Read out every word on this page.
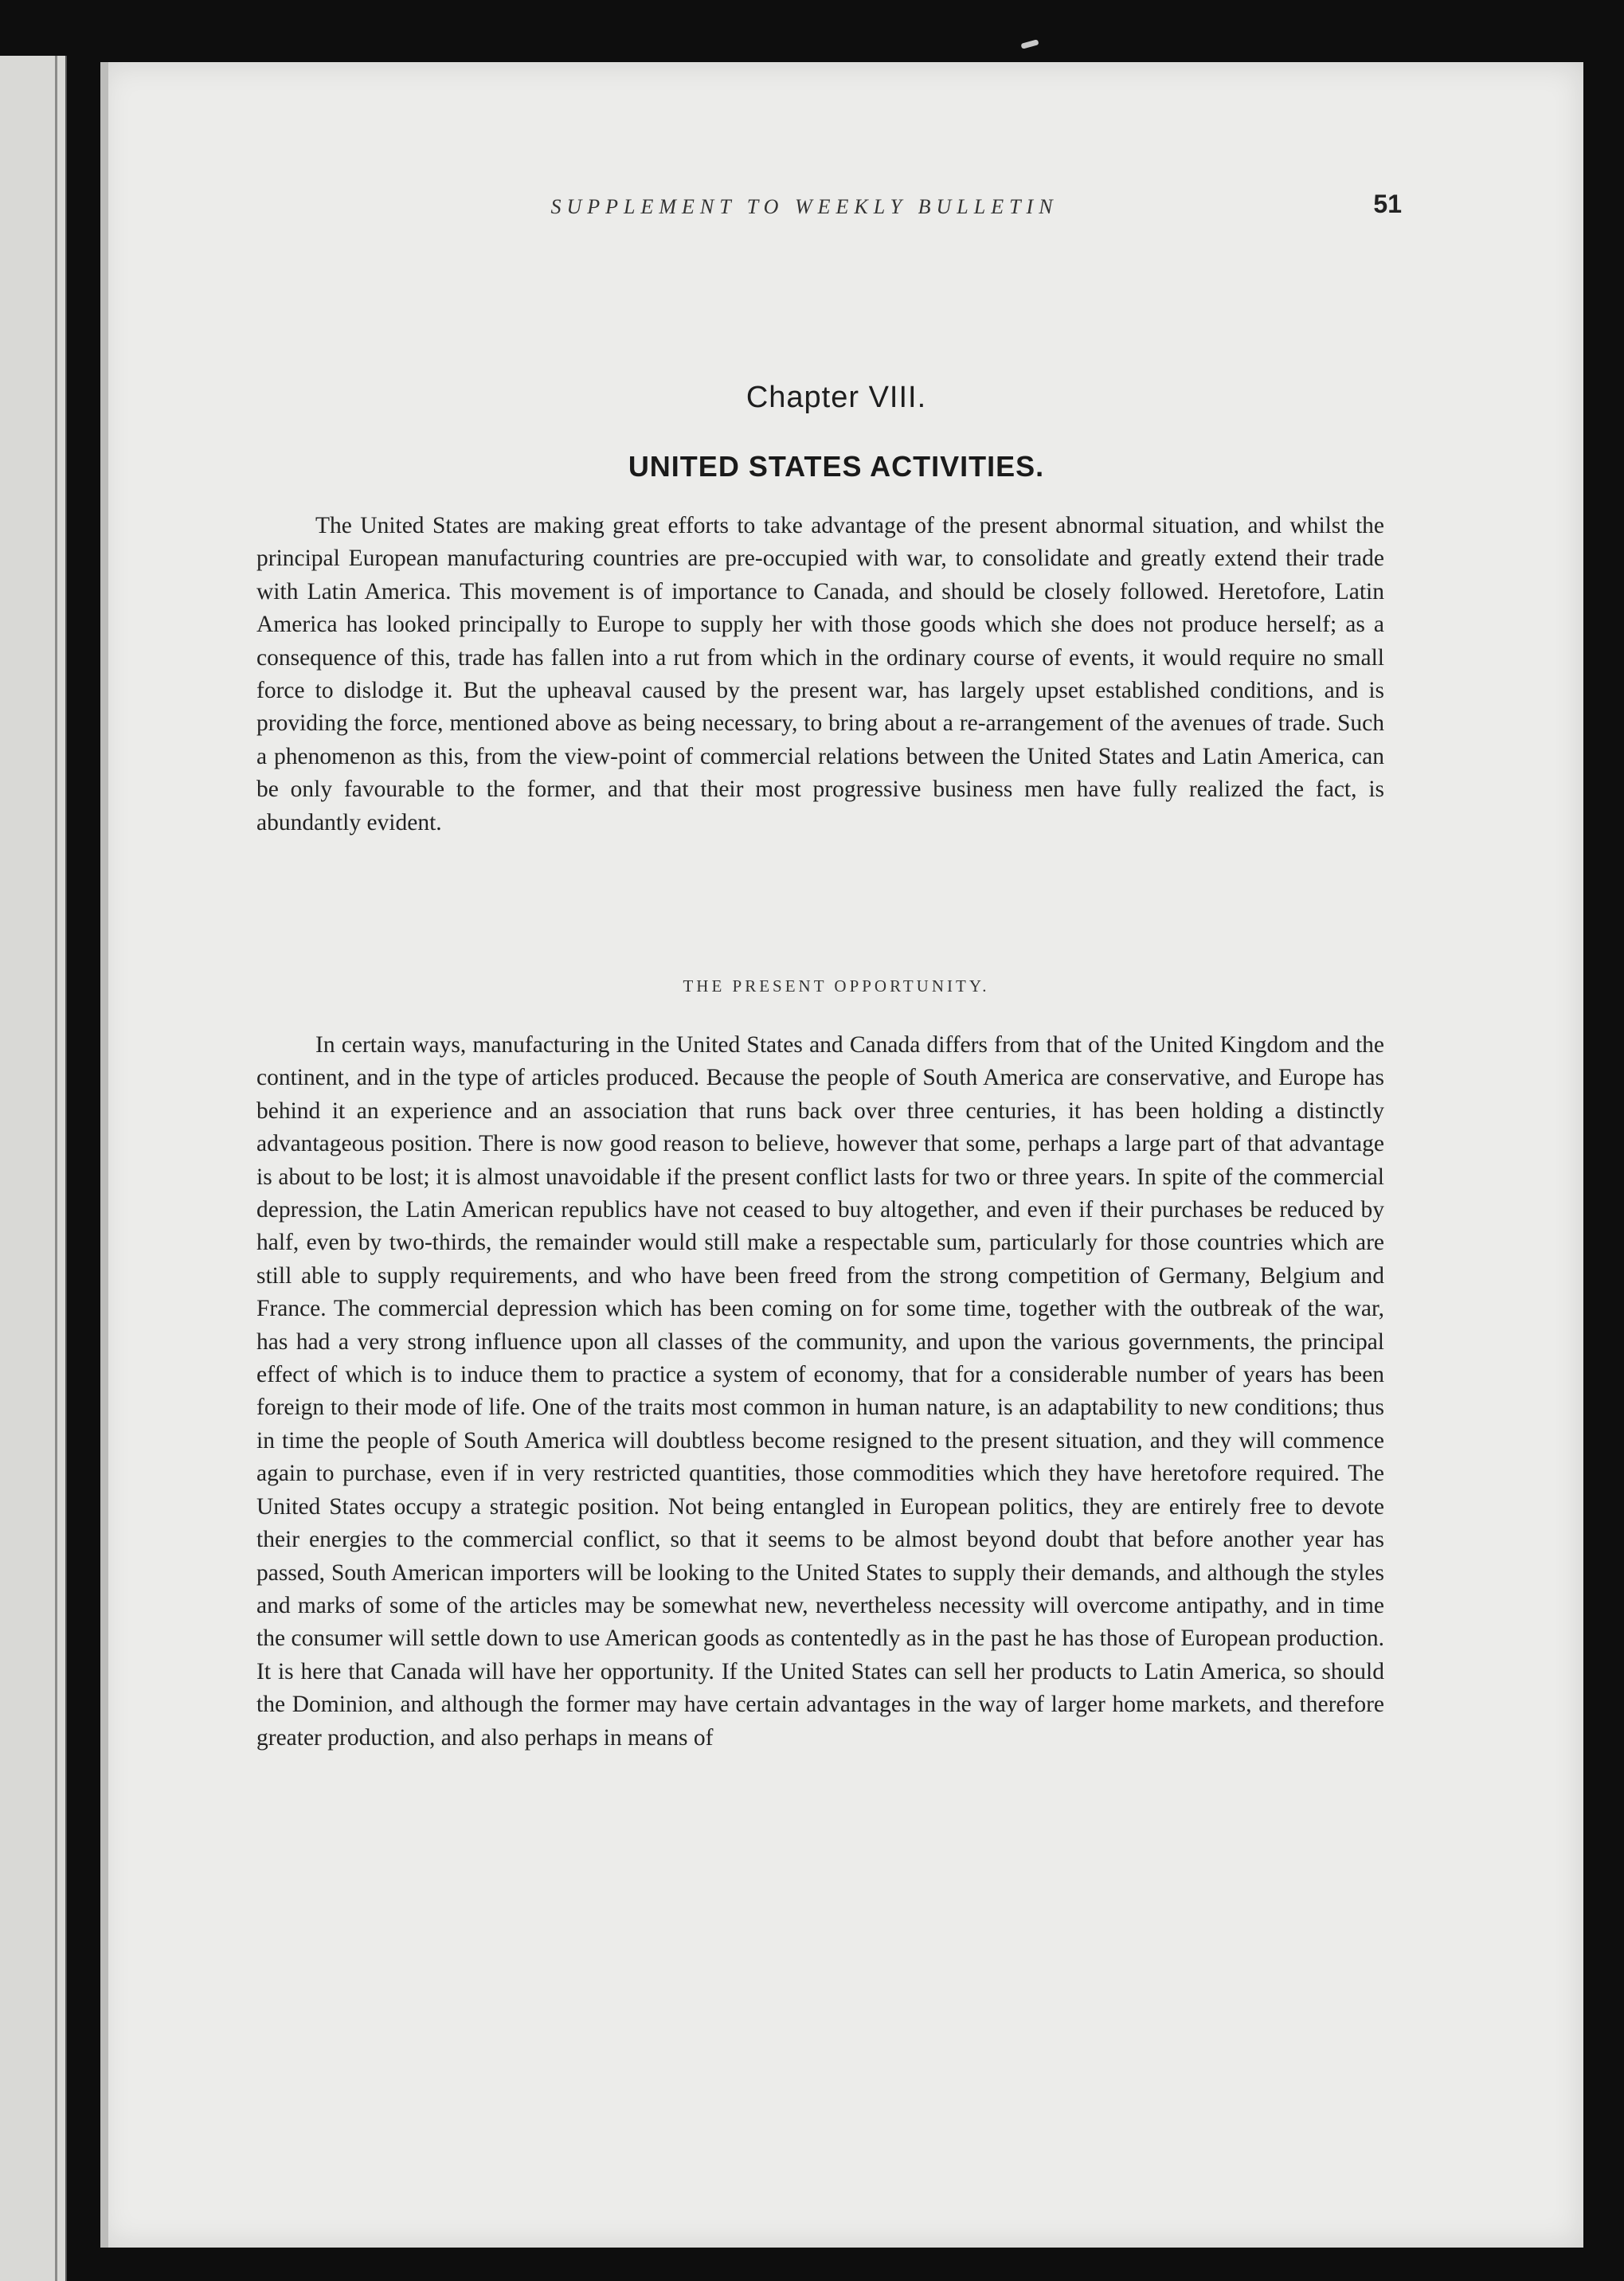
SUPPLEMENT TO WEEKLY BULLETIN	51
Chapter VIII.
UNITED STATES ACTIVITIES.

The United States are making great efforts to take advantage of the present abnormal situation, and whilst the principal European manufacturing countries are pre-occupied with war, to consolidate and greatly extend their trade with Latin America. This movement is of importance to Canada, and should be closely followed. Heretofore, Latin America has looked principally to Europe to supply her with those goods which she does not produce herself; as a consequence of this, trade has fallen into a rut from which in the ordinary course of events, it would require no small force to dislodge it. But the upheaval caused by the present war, has largely upset established conditions, and is providing the force, mentioned above as being necessary, to bring about a re-arrangement of the avenues of trade. Such a phenomenon as this, from the view-point of commercial relations between the United States and Latin America, can be only favourable to the former, and that their most progressive business men have fully realized the fact, is abundantly evident.

THE PRESENT OPPORTUNITY.

In certain ways, manufacturing in the United States and Canada differs from that of the United Kingdom and the continent, and in the type of articles produced. Because the people of South America are conservative, and Europe has behind it an experience and an association that runs back over three centuries, it has been holding a distinctly advantageous position. There is now good reason to believe, however that some, perhaps a large part of that advantage is about to be lost; it is almost unavoidable if the present conflict lasts for two or three years. In spite of the commercial depression, the Latin American republics have not ceased to buy altogether, and even if their purchases be reduced by half, even by two-thirds, the remainder would still make a respectable sum, particularly for those countries which are still able to supply requirements, and who have been freed from the strong competition of Germany, Belgium and France. The commercial depression which has been coming on for some time, together with the outbreak of the war, has had a very strong influence upon all classes of the community, and upon the various governments, the principal effect of which is to induce them to practice a system of economy, that for a considerable number of years has been foreign to their mode of life. One of the traits most common in human nature, is an adaptability to new conditions; thus in time the people of South America will doubtless become resigned to the present situation, and they will commence again to purchase, even if in very restricted quantities, those commodities which they have heretofore required. The United States occupy a strategic position. Not being entangled in European politics, they are entirely free to devote their energies to the commercial conflict, so that it seems to be almost beyond doubt that before another year has passed, South American importers will be looking to the United States to supply their demands, and although the styles and marks of some of the articles may be somewhat new, nevertheless necessity will overcome antipathy, and in time the consumer will settle down to use American goods as contentedly as in the past he has those of European production. It is here that Canada will have her opportunity. If the United States can sell her products to Latin America, so should the Dominion, and although the former may have certain advantages in the way of larger home markets, and therefore greater production, and also perhaps in means of
